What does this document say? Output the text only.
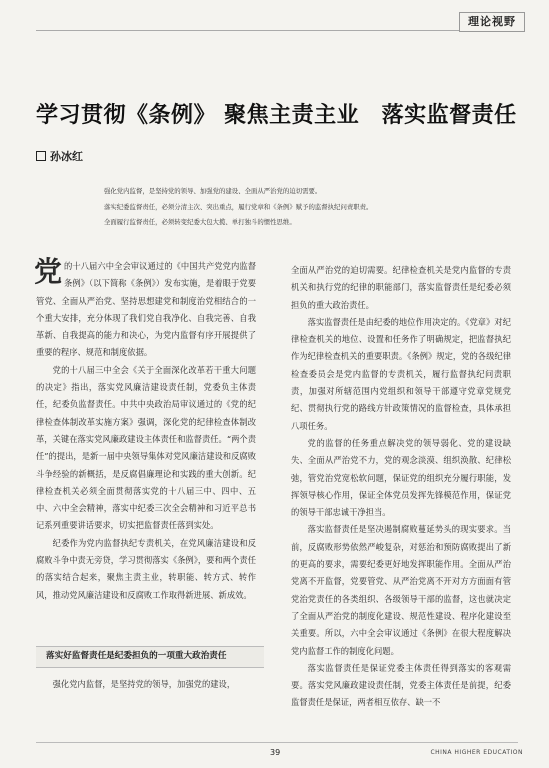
理论视野
学习贯彻《条例》 聚焦主责主业　落实监督责任
孙冰红

强化党内监督，是坚持党的领导、加强党的建设、全面从严治党的迫切需要。

落实纪委监督责任，必须分清主次、突出重点，履行党章和《条例》赋予的监督执纪问责职责。

全面履行监督责任，必须转变纪委大包大揽、单打独斗的惯性思维。

党的十八届六中全会审议通过的《中国共产党党内监督条例》（以下简称《条例》）发布实施，是着眼于党要管党、全面从严治党、坚持思想建党和制度治党相结合的一个重大安排，充分体现了我们党自我净化、自我完善、自我革新、自我提高的能力和决心，为党内监督有序开展提供了重要的程序、规范和制度依据。

党的十八届三中全会《关于全面深化改革若干重大问题的决定》指出，落实党风廉洁建设责任制，党委负主体责任，纪委负监督责任。中共中央政治局审议通过的《党的纪律检查体制改革实施方案》强调，深化党的纪律检查体制改革，关键在落实党风廉政建设主体责任和监督责任。“两个责任”的提出，是新一届中央领导集体对党风廉洁建设和反腐败斗争经验的新概括，是反腐倡廉理论和实践的重大创新。纪律检查机关必须全面贯彻落实党的十八届三中、四中、五中、六中全会精神，落实中纪委三次全会精神和习近平总书记系列重要讲话要求，切实把监督责任落到实处。

纪委作为党内监督执纪专责机关，在党风廉洁建设和反腐败斗争中责无旁贷，学习贯彻落实《条例》，要和两个责任的落实结合起来，聚焦主责主业，转职能、转方式、转作风，推动党风廉洁建设和反腐败工作取得新进展、新成效。

落实好监督责任是纪委担负的一项重大政治责任

强化党内监督，是坚持党的领导，加强党的建设，

全面从严治党的迫切需要。纪律检查机关是党内监督的专责机关和执行党的纪律的职能部门，落实监督责任是纪委必须担负的重大政治责任。

落实监督责任是由纪委的地位作用决定的。《党章》对纪律检查机关的地位、设置和任务作了明确规定，把监督执纪作为纪律检查机关的重要职责。《条例》规定，党的各级纪律检查委员会是党内监督的专责机关，履行监督执纪问责职责，加强对所辖范围内党组织和领导干部遵守党章党规党纪、贯彻执行党的路线方针政策情况的监督检查，具体承担八项任务。

党的监督的任务重点解决党的领导弱化、党的建设缺失、全面从严治党不力，党的观念淡漠、组织涣散、纪律松弛，管党治党宽松软问题，保证党的组织充分履行职能，发挥领导核心作用，保证全体党员发挥先锋模范作用，保证党的领导干部忠诚干净担当。

落实监督责任是坚决遏制腐败蔓延势头的现实要求。当前，反腐败形势依然严峻复杂，对惩治和预防腐败提出了新的更高的要求，需要纪委更好地发挥职能作用。全面从严治党离不开监督，党要管党、从严治党离不开对方方面面有管党治党责任的各类组织、各级领导干部的监督，这也就决定了全面从严治党的制度化建设、规范性建设、程序化建设至关重要。所以，六中全会审议通过《条例》在很大程度解决党内监督工作的制度化问题。

落实监督责任是保证党委主体责任得到落实的客观需要。落实党风廉政建设责任制，党委主体责任是前提，纪委监督责任是保证，两者相互依存、缺一不

39	CHINA HIGHER EDUCATION
